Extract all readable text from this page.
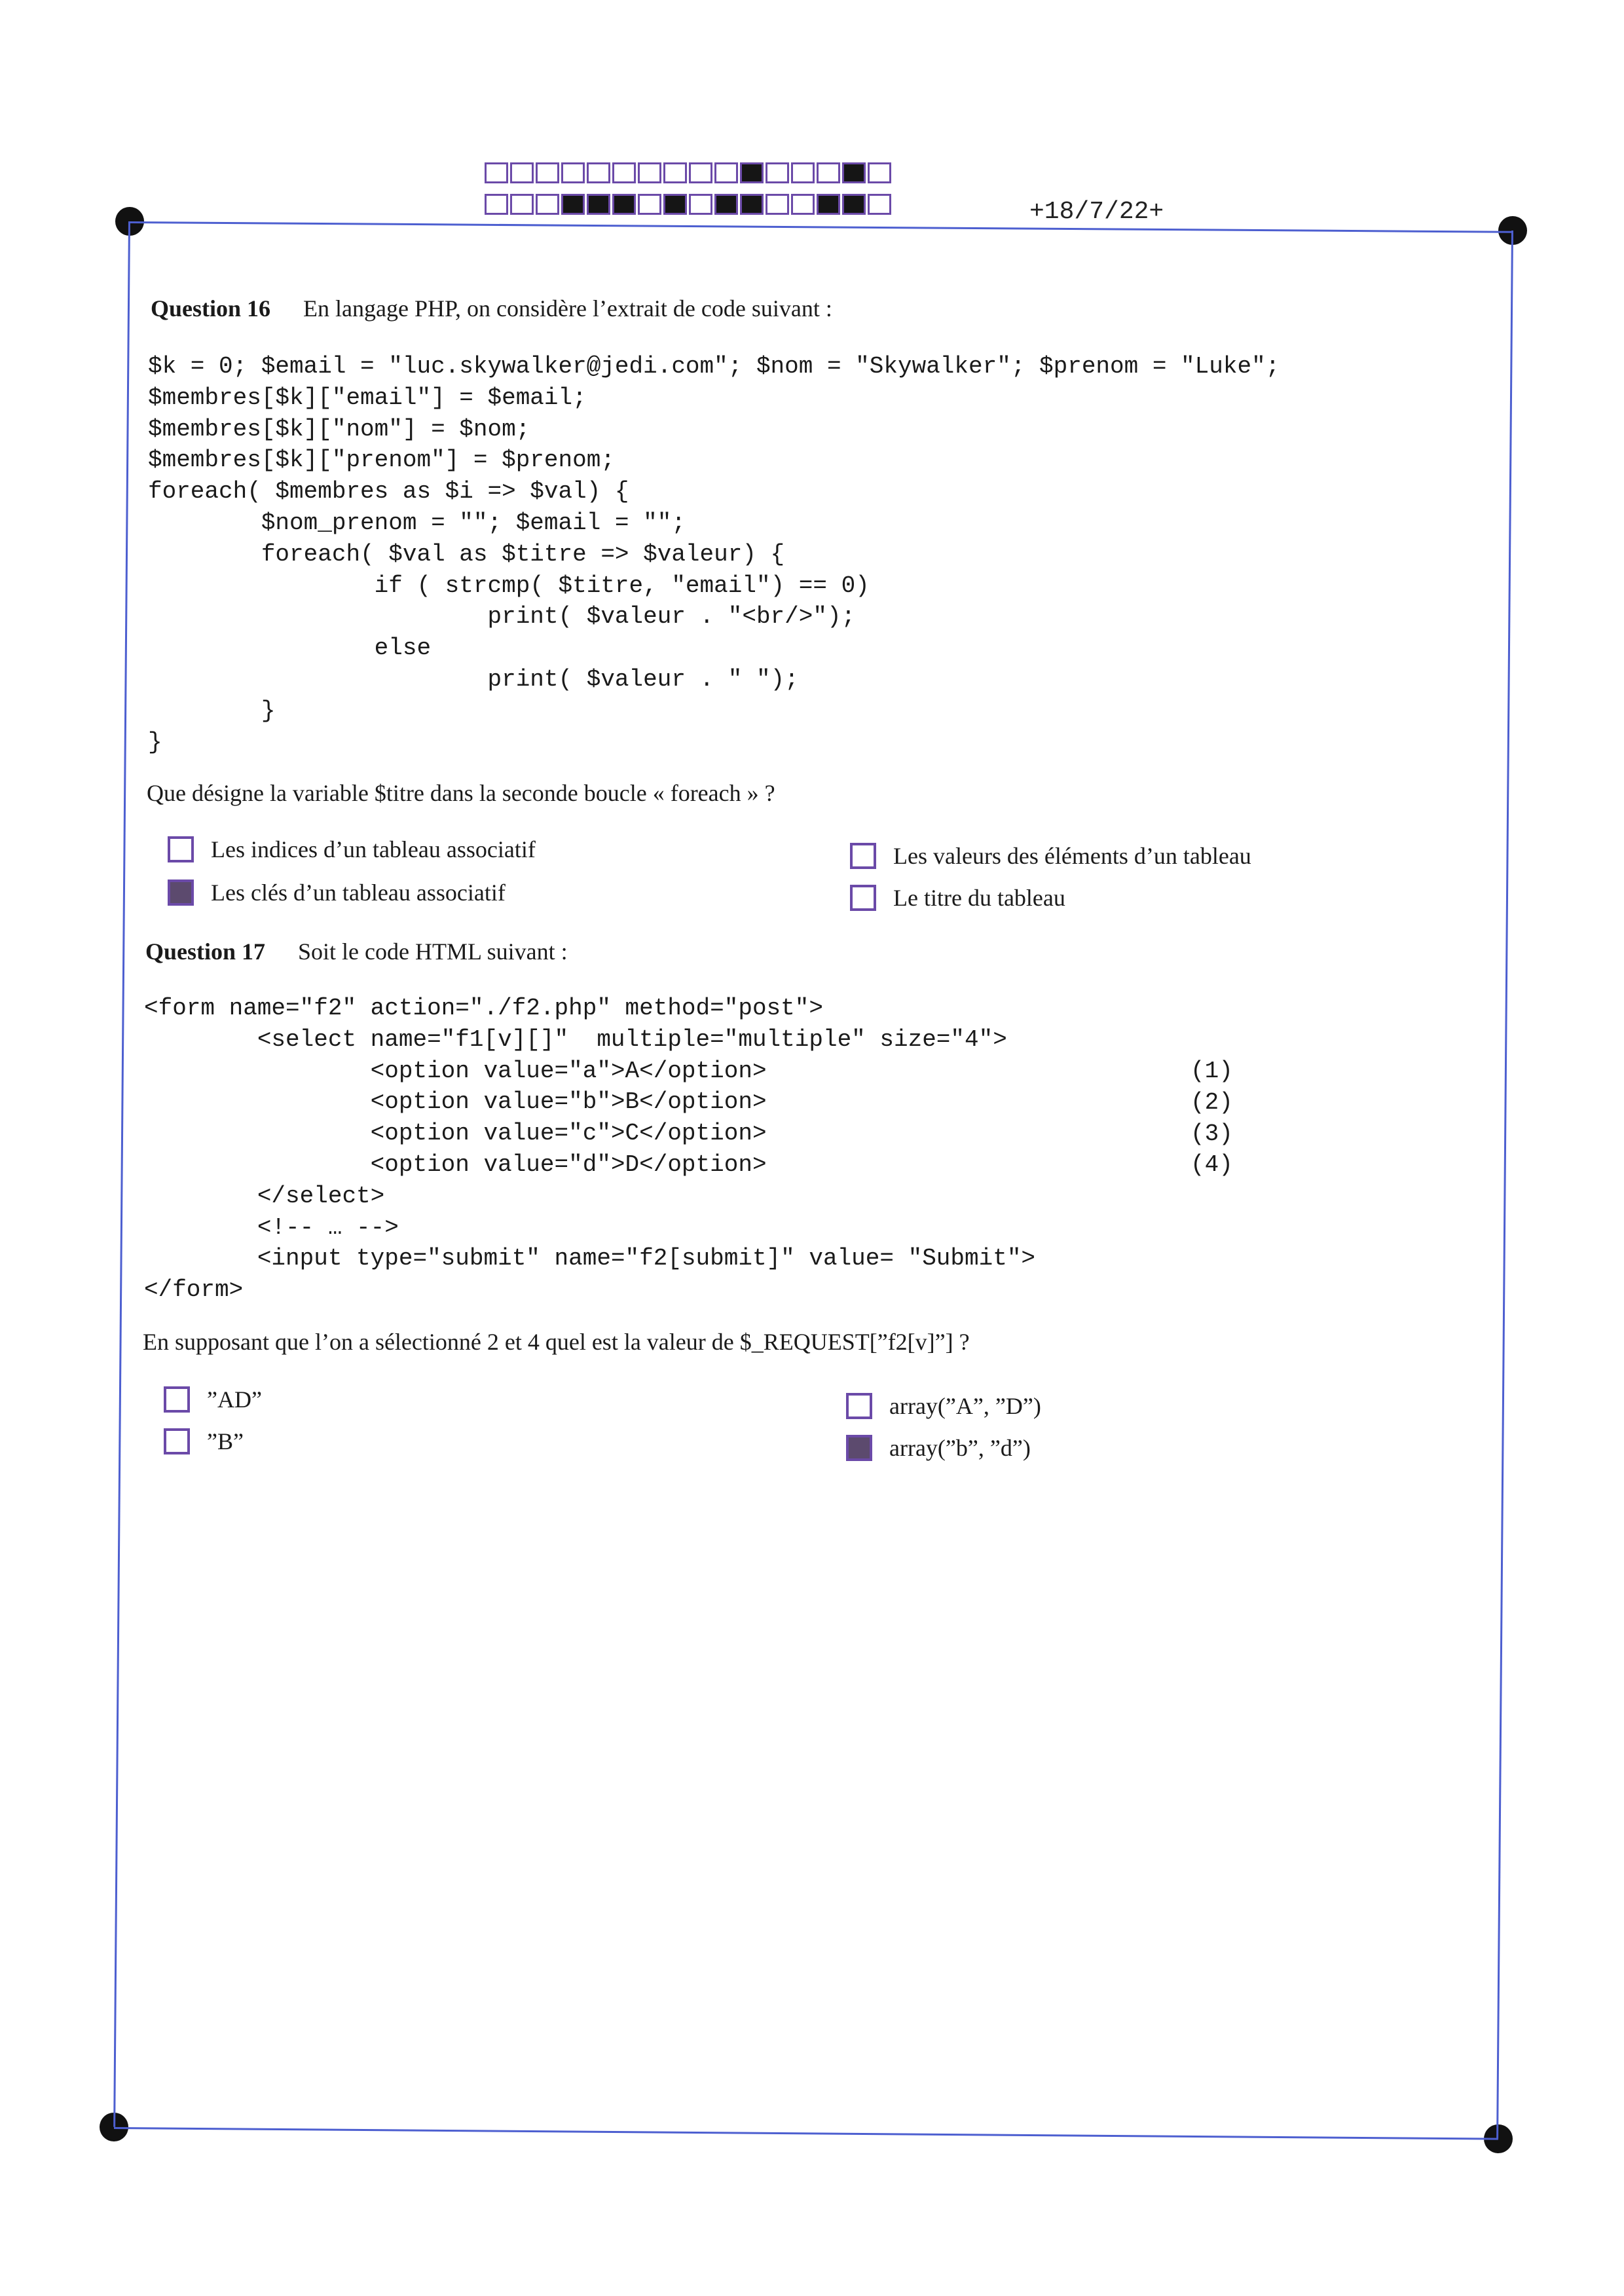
+18/7/22+
Question 16 En langage PHP, on considère l’extrait de code suivant :
$k = 0; $email = "luc.skywalker@jedi.com"; $nom = "Skywalker"; $prenom = "Luke";
$membres[$k]["email"] = $email;
$membres[$k]["nom"] = $nom;
$membres[$k]["prenom"] = $prenom;
foreach( $membres as $i => $val) {
$nom_prenom = ""; $email = "";
foreach( $val as $titre => $valeur) {
if ( strcmp( $titre, "email") == 0)
print( $valeur . "<br/>");
else
print( $valeur . " ");
}
}
Que désigne la variable $titre dans la seconde boucle « foreach » ?
Les indices d’un tableau associatif
Les clés d’un tableau associatif
Les valeurs des éléments d’un tableau
Le titre du tableau
Question 17 Soit le code HTML suivant :
<form name="f2" action="./f2.php" method="post">
<select name="f1[v][]"  multiple="multiple" size="4">
<option value="a">A</option>
<option value="b">B</option>
<option value="c">C</option>
<option value="d">D</option>
</select>
<!-- … -->
<input type="submit" name="f2[submit]" value= "Submit">
</form>
(1)
(2)
(3)
(4)
En supposant que l’on a sélectionné 2 et 4 quel est la valeur de $_REQUEST[”f2[v]”] ?
”AD”
”B”
array(”A”, ”D”)
array(”b”, ”d”)
